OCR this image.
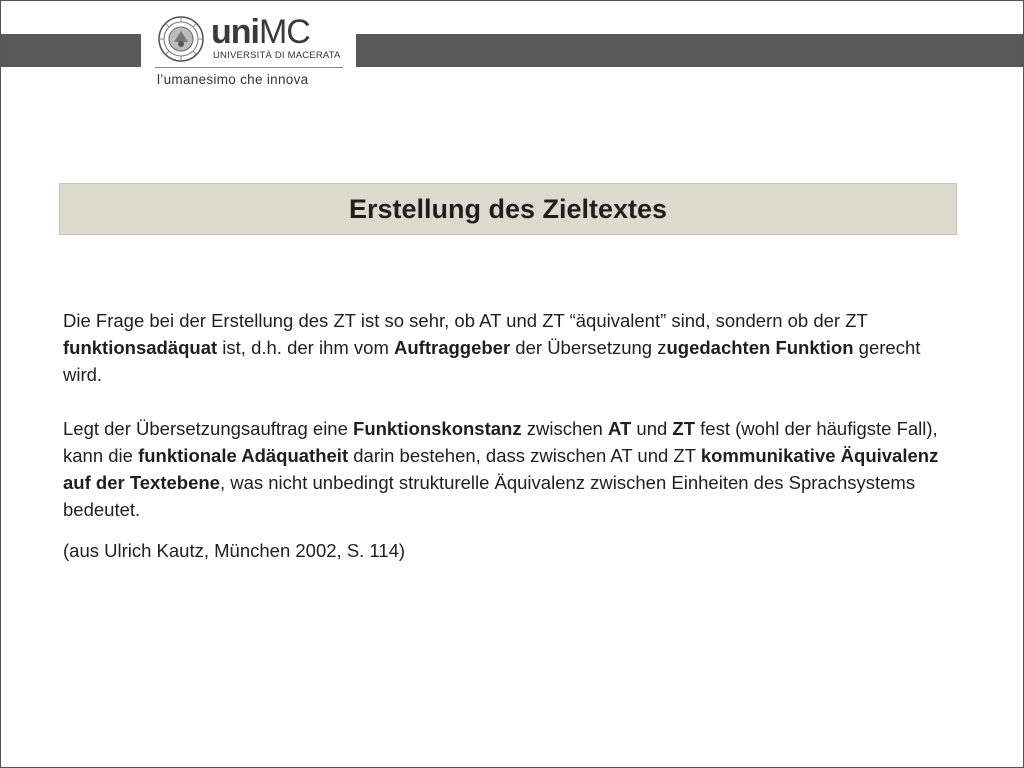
uniMC
UNIVERSITÀ DI MACERATA
l’umanesimo che innova
Erstellung des Zieltextes

Die Frage bei der Erstellung des ZT ist so sehr, ob AT und ZT “äquivalent” sind, sondern ob der ZT funktionsadäquat ist, d.h. der ihm vom Auftraggeber der Übersetzung zugedachten Funktion gerecht wird.

Legt der Übersetzungsauftrag eine Funktionskonstanz zwischen AT und ZT fest (wohl der häufigste Fall), kann die funktionale Adäquatheit darin bestehen, dass zwischen AT und ZT kommunikative Äquivalenz auf der Textebene, was nicht unbedingt strukturelle Äquivalenz zwischen Einheiten des Sprachsystems bedeutet.

(aus Ulrich Kautz, München 2002, S. 114)
